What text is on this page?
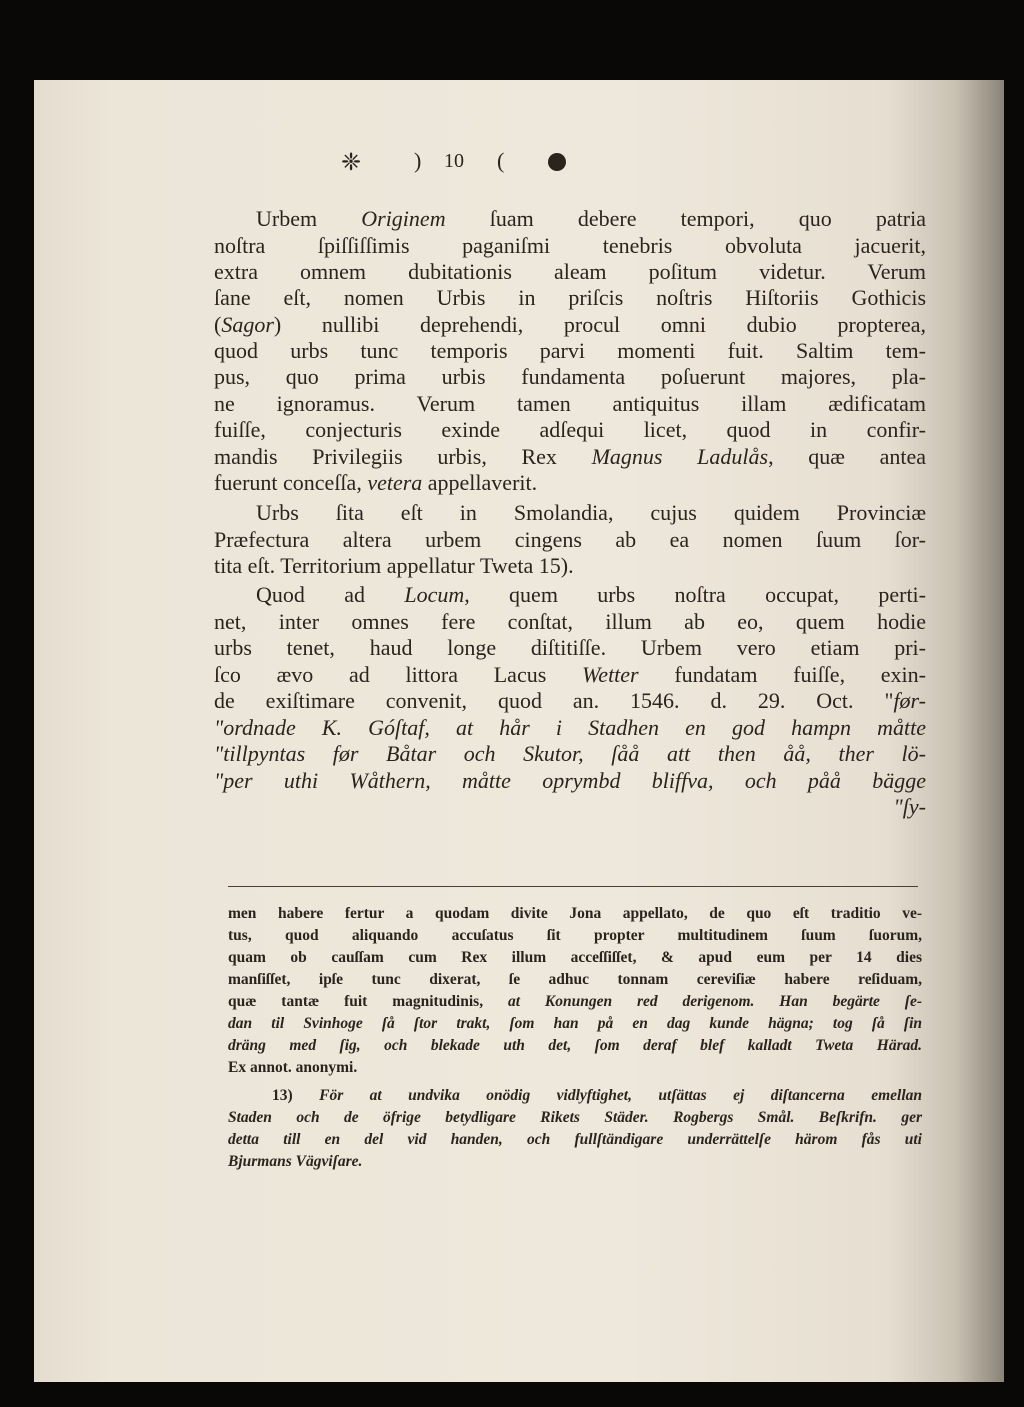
❈ ) 10 (
Urbem Originem ſuam debere tempori, quo patria
noſtra ſpiſſiſſimis paganiſmi tenebris obvoluta jacuerit,
extra omnem dubitationis aleam poſitum videtur. Verum
ſane eſt, nomen Urbis in priſcis noſtris Hiſtoriis Gothicis
(Sagor) nullibi deprehendi, procul omni dubio propterea,
quod urbs tunc temporis parvi momenti fuit. Saltim tem-
pus, quo prima urbis fundamenta poſuerunt majores, pla-
ne ignoramus. Verum tamen antiquitus illam ædificatam
fuiſſe, conjecturis exinde adſequi licet, quod in confir-
mandis Privilegiis urbis, Rex Magnus Ladulås, quæ antea
fuerunt conceſſa, vetera appellaverit.
Urbs ſita eſt in Smolandia, cujus quidem Provinciæ
Præfectura altera urbem cingens ab ea nomen ſuum ſor-
tita eſt. Territorium appellatur Tweta 15).
Quod ad Locum, quem urbs noſtra occupat, perti-
net, inter omnes fere conſtat, illum ab eo, quem hodie
urbs tenet, haud longe diſtitiſſe. Urbem vero etiam pri-
ſco ævo ad littora Lacus Wetter fundatam fuiſſe, exin-
de exiſtimare convenit, quod an. 1546. d. 29. Oct. "før-
"ordnade K. Góſtaf, at hår i Stadhen en god hampn måtte
"tillpyntas før Båtar och Skutor, ſåå att then åå, ther lö-
"per uthi Wåthern, måtte oprymbd bliffva, och påå bägge
"ſy-
men habere fertur a quodam divite Jona appellato, de quo eſt traditio ve-
tus, quod aliquando accuſatus ſit propter multitudinem ſuum ſuorum,
quam ob cauſſam cum Rex illum acceſſiſſet, & apud eum per 14 dies
manſiſſet, ipſe tunc dixerat, ſe adhuc tonnam cereviſiæ habere reſiduam,
quæ tantæ fuit magnitudinis, at Konungen red derigenom. Han begärte ſe-
dan til Svinhoge ſå ſtor trakt, ſom han på en dag kunde hägna; tog ſå ſin
dräng med ſig, och blekade uth det, ſom deraf blef kalladt Tweta Härad.
Ex annot. anonymi.
13) För at undvika onödig vidlyftighet, utſättas ej diſtancerna emellan
Staden och de öfrige betydligare Rikets Städer. Rogbergs Smål. Beſkrifn. ger
detta till en del vid handen, och fullſtändigare underrättelſe härom fås uti
Bjurmans Vägviſare.
